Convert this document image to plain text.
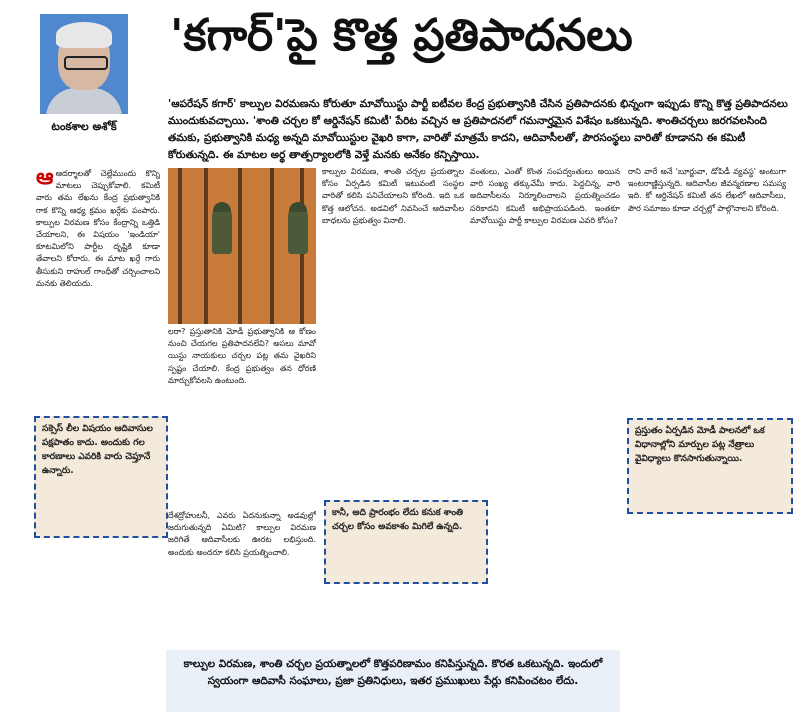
టంకశాల అశోక్
'కగార్'పై కొత్త ప్రతిపాదనలు
'ఆపరేషన్ కగార్' కాల్పుల విరమణను కోరుతూ మావోయిస్టు పార్టీ ఐటీవల కేంద్ర ప్రభుత్వానికి చేసిన ప్రతిపాదనకు భిన్నంగా ఇప్పుడు కొన్ని కొత్త ప్రతిపాదనలు ముందుకువచ్చాయి. 'శాంతి చర్చల కో ఆర్డినేషన్ కమిటీ' పేరిట వచ్చిన ఆ ప్రతిపాదనలో గమనార్హమైన విశేషం ఒకటున్నది. శాంతిచర్చలు జరగవలసింది తమకు, ప్రభుత్వానికి మధ్య అన్నది మావోయిస్టుల వైఖరి కాగా, వారితో మాత్రమే కాదని, ఆదివాసీలతో, పౌరసంస్థలు వారితో కూడానని ఈ కమిటీ కోరుతున్నది. ఈ మాటల అర్థ తాత్పర్యాలలోకి వెళ్తే మనకు అనేకం కన్పిస్తాయి.
ఆఆదర్శాలతో చెల్లేముందు కొన్ని మాటలు చెప్పుకోవాలి. కమిటీ వారు తమ లేఖను కేంద్ర ప్రభుత్వానికి గాక కొన్ని ఆధ్య క్రమం ఖర్గేకు పంపారు. కాల్పుల విరమణ కోసం కేంద్రాన్ని ఒత్తిడి చేయాలని, ఈ విషయం 'ఇండియా' కూటమిలోని పార్టీల దృష్టికి కూడా తేవాలని కోరారు. ఈ మాట ఖర్గే గారు తీసుకుని రాహుల్ గాంధీతో చర్చించాలని మనకు తెలియదు.
లరా? ప్రస్తుతానికి మోడీ ప్రభుత్వానికి ఆ కోణం నుంచి చేయగల ప్రతిపాదనలేవి? అసలు మావో యిస్టు నాయకులు చర్చల పట్ల తమ వైఖరిని స్పష్టం చేయాలి. కేంద్ర ప్రభుత్వం తన ధోరణి మార్చుకోవలసి ఉంటుంది.
దేశద్రోహులనీ, ఎవరు ఏదనుకున్నా అడవుల్లో జరుగుతున్నది ఏమిటి? కాల్పుల విరమణ జరిగితే ఆదివాసీలకు ఊరట లభిస్తుంది. అందుకు అందరూ కలిసి ప్రయత్నించాలి.
కాల్పుల విరమణ, శాంతి చర్చల ప్రయత్నాల కోసం ఏర్పడిన కమిటీ ఇటువంటి సంస్థల వారితో కలిసి పనిచేయాలని కోరింది. ఇది ఒక కొత్త ఆలోచన. అడవిలో నివసించే ఆదివాసీల బాధలను ప్రభుత్వం వినాలి.
వంతులు, ఎంతో కొంత సంపద్వంతులు అయిన వారి సంఖ్య తక్కువేమీ కాదు. పెద్దచిన్న, వారి అదివాసీలను నిర్మూలించాలని ప్రయత్నించడం సరికాదని కమిటీ అభిప్రాయపడింది. ఇంతకూ మావోయిస్టు పార్టీ కాల్పుల విరమణ ఎవరి కోసం?
రాని వారే అనే 'బూర్జువా, డోపిడీ వ్యవస్థ' అంటుగా ఇంటరాణ్ణిస్తున్నది. ఆదివాసీల జీవన్మరణాల సమస్య ఇది. కో ఆర్డినేషన్ కమిటీ తన లేఖలో ఆదివాసీలు, పౌర సమాజం కూడా చర్చల్లో పాల్గొనాలని కోరింది.
సక్సెస్ లీల విషయం ఆదివాసుల పక్షపాతం కాదు. అందుకు గల కారణాలు ఎవరికి వారు చెప్తూనే ఉన్నారు.
ప్రస్తుతం ఏర్పడిన మోడీ పాలనలో ఒక విధానాల్లోని మార్పుల పట్ల నేత్రాలు వైవిధ్యాలు కొనసాగుతున్నాయి.
కానీ, అది ప్రారంభం లేదు కనుక శాంతి చర్చల కోసం అవకాశం మిగిలే ఉన్నది.
కాల్పుల విరమణ, శాంతి చర్చల ప్రయత్నాలలో కొత్తపరిణామం కనిపిస్తున్నది. కొరత ఒకటున్నది. ఇందులో స్వయంగా ఆదివాసీ సంఘాలు, ప్రజా ప్రతినిధులు, ఇతర ప్రముఖులు పేర్లు కనిపించటం లేదు.
